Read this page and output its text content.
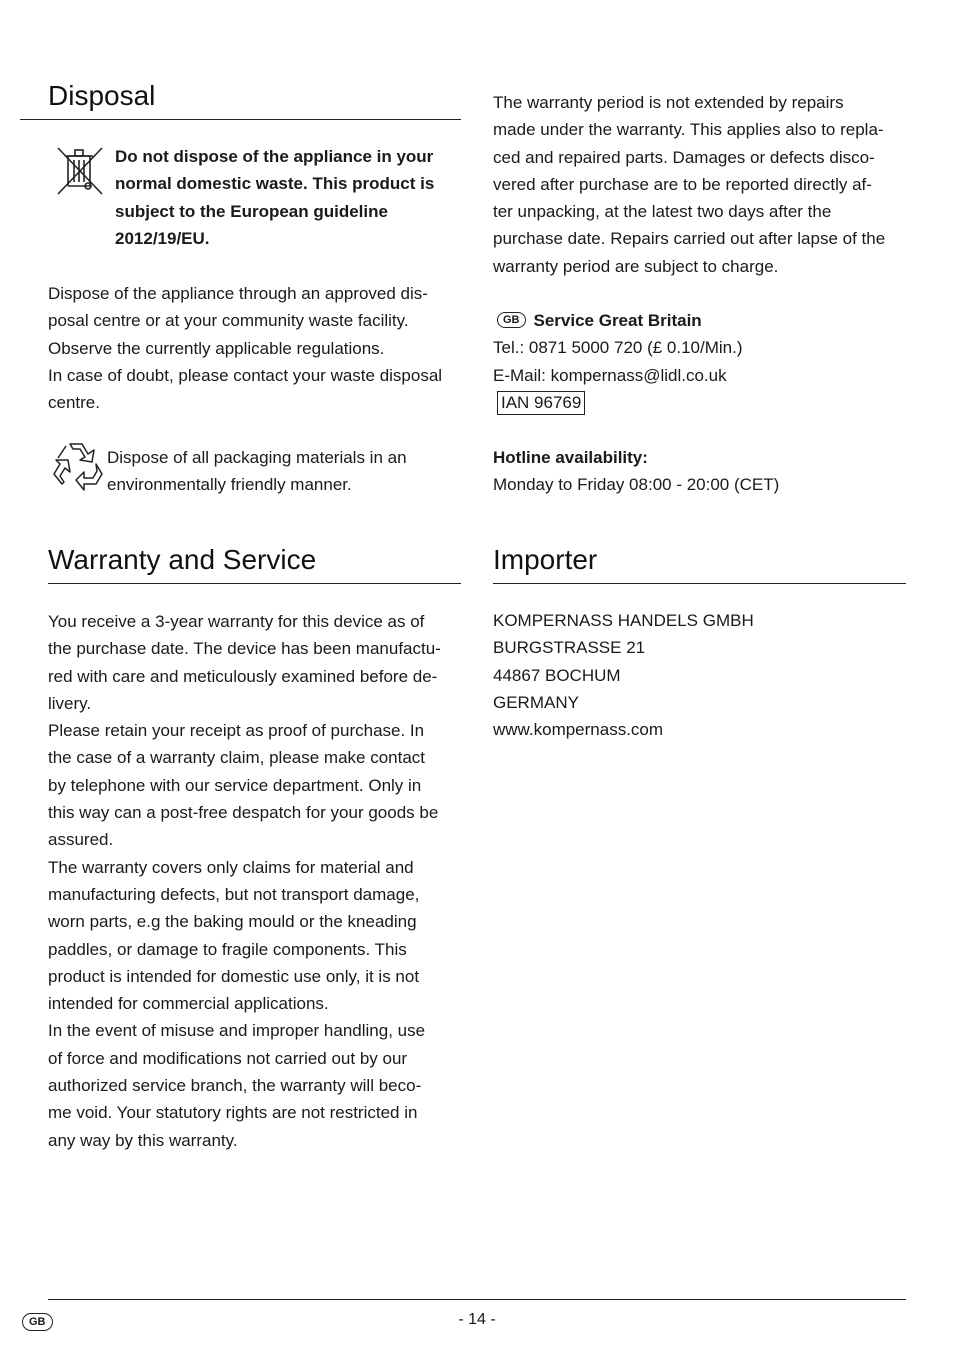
Disposal

Do not dispose of the appliance in your
normal domestic waste. This product is
subject to the European guideline
2012/19/EU.

Dispose of the appliance through an approved dis-
posal centre or at your community waste facility.
Observe the currently applicable regulations.
In case of doubt, please contact your waste disposal
centre.

Dispose of all packaging materials in an
environmentally friendly manner.

Warranty and Service

You receive a 3-year warranty for this device as of
the purchase date. The device has been manufactu-
red with care and meticulously examined before de-
livery.
Please retain your receipt as proof of purchase. In
the case of a warranty claim, please make contact
by telephone with our service department. Only in
this way can a post-free despatch for your goods be
assured.
The warranty covers only claims for material and
manufacturing defects, but not transport damage,
worn parts, e.g the baking mould or the kneading
paddles, or damage to fragile components. This
product is intended for domestic use only, it is not
intended for commercial applications.
In the event of misuse and improper handling, use
of force and modifications not carried out by our
authorized service branch, the warranty will beco-
me void. Your statutory rights are not restricted in
any way by this warranty.

The warranty period is not extended by repairs
made under the warranty. This applies also to repla-
ced and repaired parts. Damages or defects disco-
vered after purchase are to be reported directly af-
ter unpacking, at the latest two days after the
purchase date. Repairs carried out after lapse of the
warranty period are subject to charge.

GB Service Great Britain
Tel.: 0871 5000 720 (£ 0.10/Min.)
E-Mail: kompernass@lidl.co.uk
IAN 96769

Hotline availability:
Monday to Friday 08:00 - 20:00 (CET)

Importer

KOMPERNASS HANDELS GMBH
BURGSTRASSE 21
44867 BOCHUM
GERMANY
www.kompernass.com

GB	- 14 -
